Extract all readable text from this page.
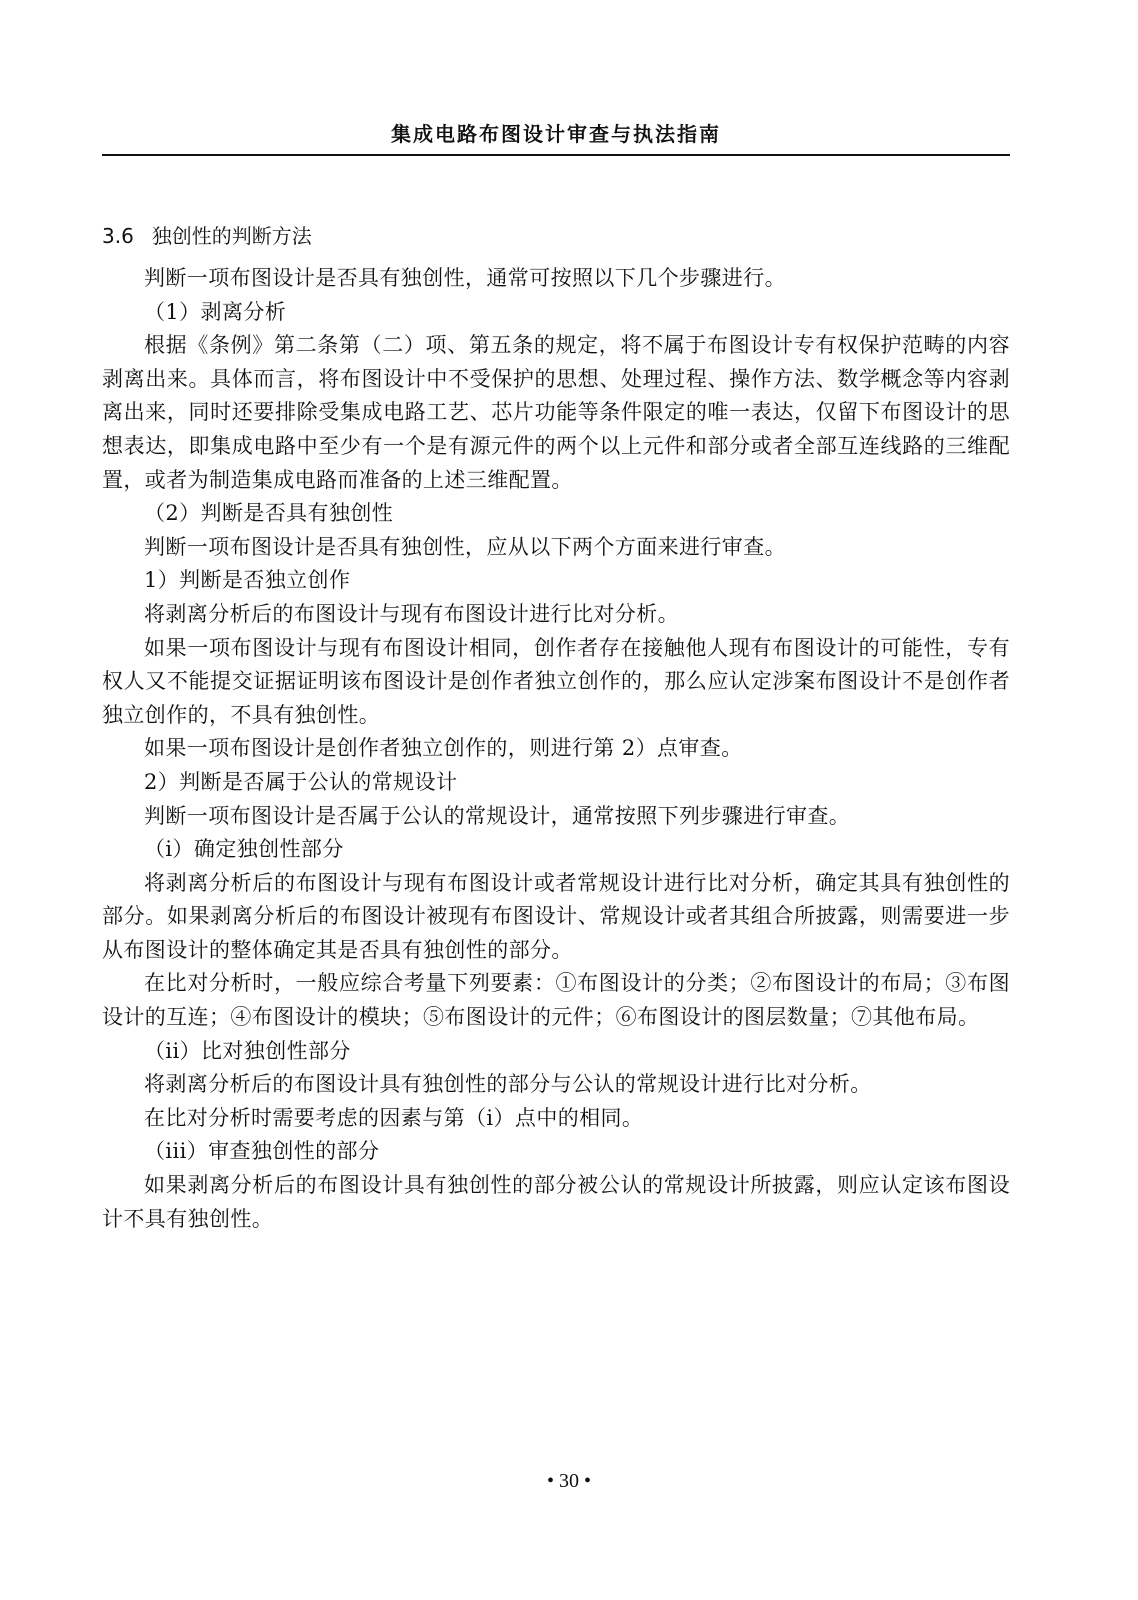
集成电路布图设计审查与执法指南
3.6 独创性的判断方法

判断一项布图设计是否具有独创性，通常可按照以下几个步骤进行。

（1）剥离分析

根据《条例》第二条第（二）项、第五条的规定，将不属于布图设计专有权保护范畴的内容剥离出来。具体而言，将布图设计中不受保护的思想、处理过程、操作方法、数学概念等内容剥离出来，同时还要排除受集成电路工艺、芯片功能等条件限定的唯一表达，仅留下布图设计的思想表达，即集成电路中至少有一个是有源元件的两个以上元件和部分或者全部互连线路的三维配置，或者为制造集成电路而准备的上述三维配置。

（2）判断是否具有独创性

判断一项布图设计是否具有独创性，应从以下两个方面来进行审查。

1）判断是否独立创作

将剥离分析后的布图设计与现有布图设计进行比对分析。

如果一项布图设计与现有布图设计相同，创作者存在接触他人现有布图设计的可能性，专有权人又不能提交证据证明该布图设计是创作者独立创作的，那么应认定涉案布图设计不是创作者独立创作的，不具有独创性。

如果一项布图设计是创作者独立创作的，则进行第 2）点审查。

2）判断是否属于公认的常规设计

判断一项布图设计是否属于公认的常规设计，通常按照下列步骤进行审查。

（i）确定独创性部分

将剥离分析后的布图设计与现有布图设计或者常规设计进行比对分析，确定其具有独创性的部分。如果剥离分析后的布图设计被现有布图设计、常规设计或者其组合所披露，则需要进一步从布图设计的整体确定其是否具有独创性的部分。

在比对分析时，一般应综合考量下列要素：①布图设计的分类；②布图设计的布局；③布图设计的互连；④布图设计的模块；⑤布图设计的元件；⑥布图设计的图层数量；⑦其他布局。

（ii）比对独创性部分

将剥离分析后的布图设计具有独创性的部分与公认的常规设计进行比对分析。

在比对分析时需要考虑的因素与第（i）点中的相同。

（iii）审查独创性的部分

如果剥离分析后的布图设计具有独创性的部分被公认的常规设计所披露，则应认定该布图设计不具有独创性。

• 30 •
